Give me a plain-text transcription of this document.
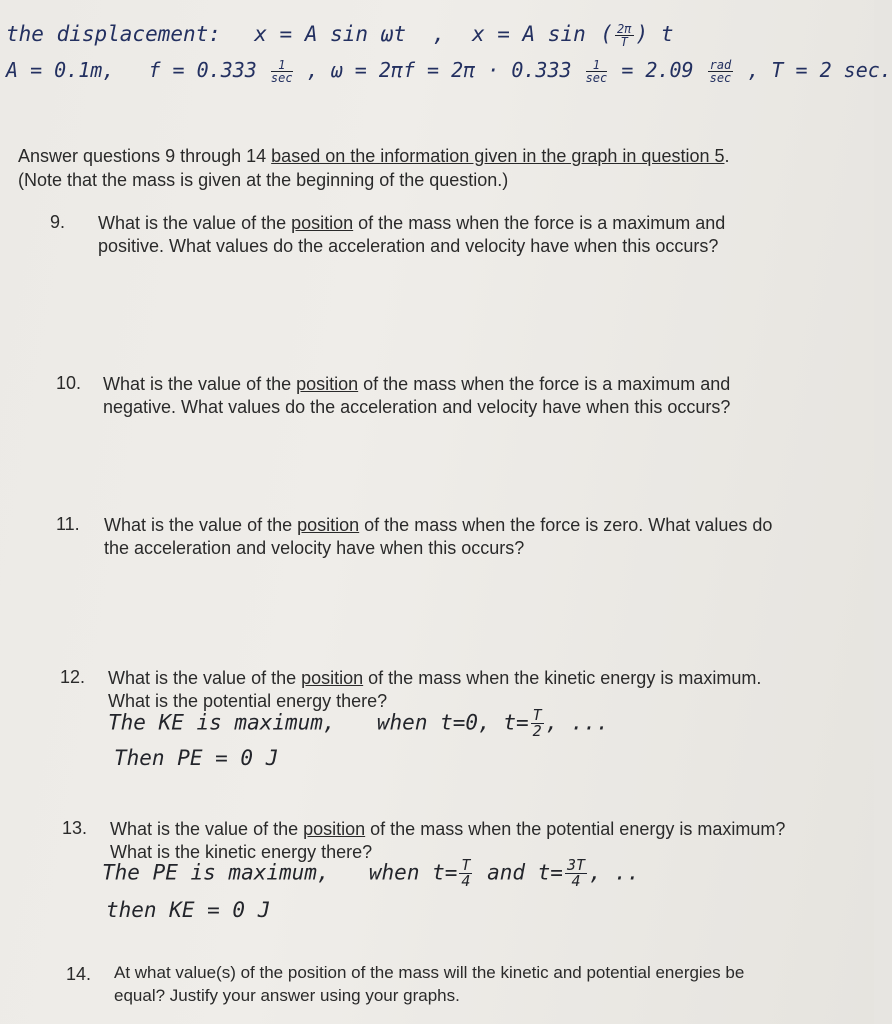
the displacement: x = A sin ωt , x = A sin ( $\frac{2\pi}{T}$ ) t
A = 0.1m, $f = 0.333 \frac{1}{\sec}$ , $\omega = 2\pi f = 2\pi \cdot 0.333 \frac{1}{\sec} = 2.09 \frac{\text{rad}}{\sec}$ , T = 2 sec.
Answer questions 9 through 14 based on the information given in the graph in question 5.
(Note that the mass is given at the beginning of the question.)
9. What is the value of the position of the mass when the force is a maximum and
positive. What values do the acceleration and velocity have when this occurs?
10. What is the value of the position of the mass when the force is a maximum and
negative. What values do the acceleration and velocity have when this occurs?
11. What is the value of the position of the mass when the force is zero. What values do
the acceleration and velocity have when this occurs?
12. What is the value of the position of the mass when the kinetic energy is maximum.
What is the potential energy there?
The KE is maximum, when t=0, $t= \frac{T}{2}$ , ...
Then PE = 0 J
13. What is the value of the position of the mass when the potential energy is maximum?
What is the kinetic energy there?
The PE is maximum, when $t= \frac{T}{4}$ and $t= \frac{3T}{4}$ , ..
then KE = 0 J
14. At what value(s) of the position of the mass will the kinetic and potential energies be
equal? Justify your answer using your graphs.
